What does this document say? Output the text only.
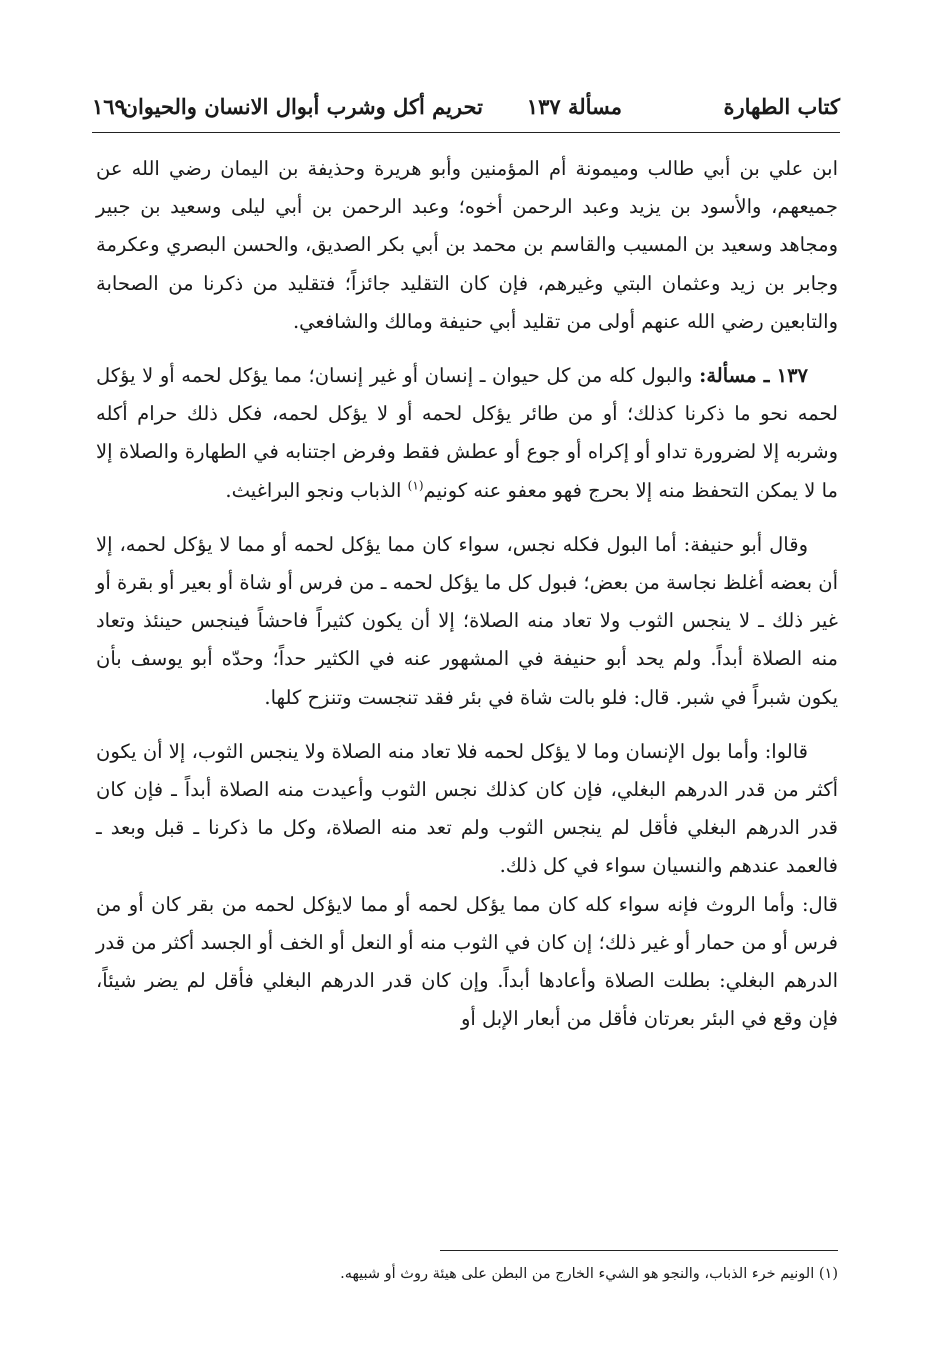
كتاب الطهارة
مسألة ١٣٧      تحريم أكل وشرب أبوال الانسان والحيوان
١٦٩

ابن علي بن أبي طالب وميمونة أم المؤمنين وأبو هريرة وحذيفة بن اليمان رضي الله عن جميعهم، والأسود بن يزيد وعبد الرحمن أخوه؛ وعبد الرحمن بن أبي ليلى وسعيد بن جبير ومجاهد وسعيد بن المسيب والقاسم بن محمد بن أبي بكر الصديق، والحسن البصري وعكرمة وجابر بن زيد وعثمان البتي وغيرهم، فإن كان التقليد جائزاً؛ فتقليد من ذكرنا من الصحابة والتابعين رضي الله عنهم أولى من تقليد أبي حنيفة ومالك والشافعي.

١٣٧ ـ مسألة: والبول كله من كل حيوان ـ إنسان أو غير إنسان؛ مما يؤكل لحمه أو لا يؤكل لحمه نحو ما ذكرنا كذلك؛ أو من طائر يؤكل لحمه أو لا يؤكل لحمه، فكل ذلك حرام أكله وشربه إلا لضرورة تداو أو إكراه أو جوع أو عطش فقط وفرض اجتنابه في الطهارة والصلاة إلا ما لا يمكن التحفظ منه إلا بحرج فهو معفو عنه كونيم$^{(١)}$ الذباب ونجو البراغيث.

وقال أبو حنيفة: أما البول فكله نجس، سواء كان مما يؤكل لحمه أو مما لا يؤكل لحمه، إلا أن بعضه أغلظ نجاسة من بعض؛ فبول كل ما يؤكل لحمه ـ من فرس أو شاة أو بعير أو بقرة أو غير ذلك ـ لا ينجس الثوب ولا تعاد منه الصلاة؛ إلا أن يكون كثيراً فاحشاً فينجس حينئذ وتعاد منه الصلاة أبداً. ولم يحد أبو حنيفة في المشهور عنه في الكثير حداً؛ وحدّه أبو يوسف بأن يكون شبراً في شبر. قال: فلو بالت شاة في بئر فقد تنجست وتنزح كلها.

قالوا: وأما بول الإنسان وما لا يؤكل لحمه فلا تعاد منه الصلاة ولا ينجس الثوب، إلا أن يكون أكثر من قدر الدرهم البغلي، فإن كان كذلك نجس الثوب وأعيدت منه الصلاة أبداً ـ فإن كان قدر الدرهم البغلي فأقل لم ينجس الثوب ولم تعد منه الصلاة، وكل ما ذكرنا ـ قبل وبعد ـ فالعمد عندهم والنسيان سواء في كل ذلك.

قال: وأما الروث فإنه سواء كله كان مما يؤكل لحمه أو مما لايؤكل لحمه من بقر كان أو من فرس أو من حمار أو غير ذلك؛ إن كان في الثوب منه أو النعل أو الخف أو الجسد أكثر من قدر الدرهم البغلي: بطلت الصلاة وأعادها أبداً. وإن كان قدر الدرهم البغلي فأقل لم يضر شيئاً، فإن وقع في البئر بعرتان فأقل من أبعار الإبل أو

(١) الونيم خرء الذباب، والنجو هو الشيء الخارج من البطن على هيئة روث أو شبيهه.
